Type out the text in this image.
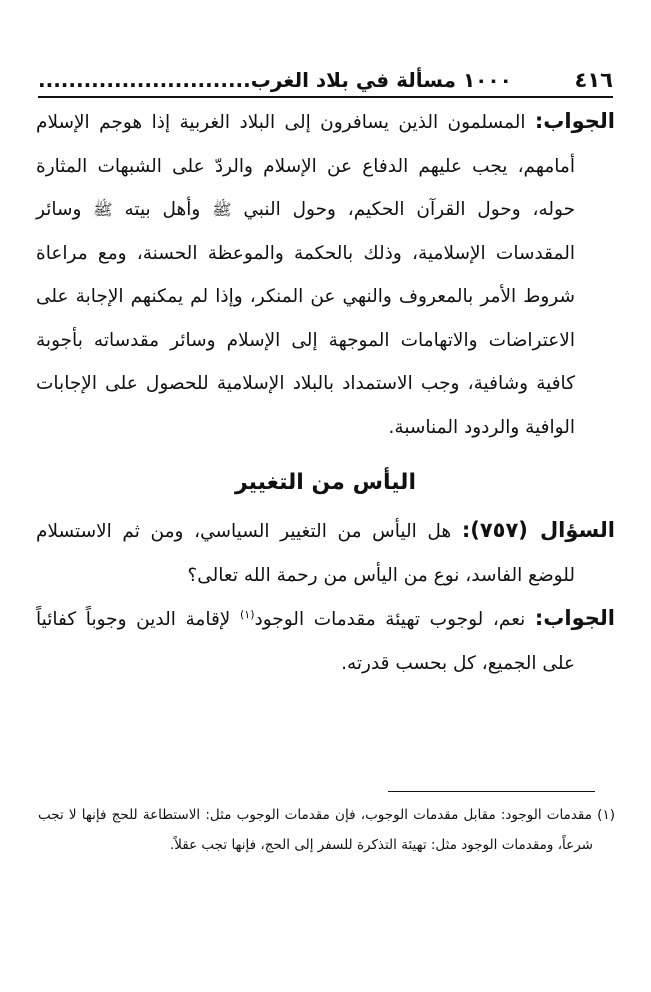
٤١٦
١٠٠٠ مسألة في بلاد الغرب............................

الجواب: المسلمون الذين يسافرون إلى البلاد الغربية إذا هوجم الإسلام أمامهم، يجب عليهم الدفاع عن الإسلام والردّ على الشبهات المثارة حوله، وحول القرآن الحكيم، وحول النبي ﷺ وأهل بيته ﷺ وسائر المقدسات الإسلامية، وذلك بالحكمة والموعظة الحسنة، ومع مراعاة شروط الأمر بالمعروف والنهي عن المنكر، وإذا لم يمكنهم الإجابة على الاعتراضات والاتهامات الموجهة إلى الإسلام وسائر مقدساته بأجوبة كافية وشافية، وجب الاستمداد بالبلاد الإسلامية للحصول على الإجابات الوافية والردود المناسبة.

اليأس من التغيير

السؤال (٧٥٧): هل اليأس من التغيير السياسي، ومن ثم الاستسلام للوضع الفاسد، نوع من اليأس من رحمة الله تعالى؟

الجواب: نعم، لوجوب تهيئة مقدمات الوجود$^{(١)}$ لإقامة الدين وجوباً كفائياً على الجميع، كل بحسب قدرته.

(١) مقدمات الوجود: مقابل مقدمات الوجوب، فإن مقدمات الوجوب مثل: الاستطاعة للحج فإنها لا تجب شرعاً، ومقدمات الوجود مثل: تهيئة التذكرة للسفر إلى الحج، فإنها تجب عقلاً.
